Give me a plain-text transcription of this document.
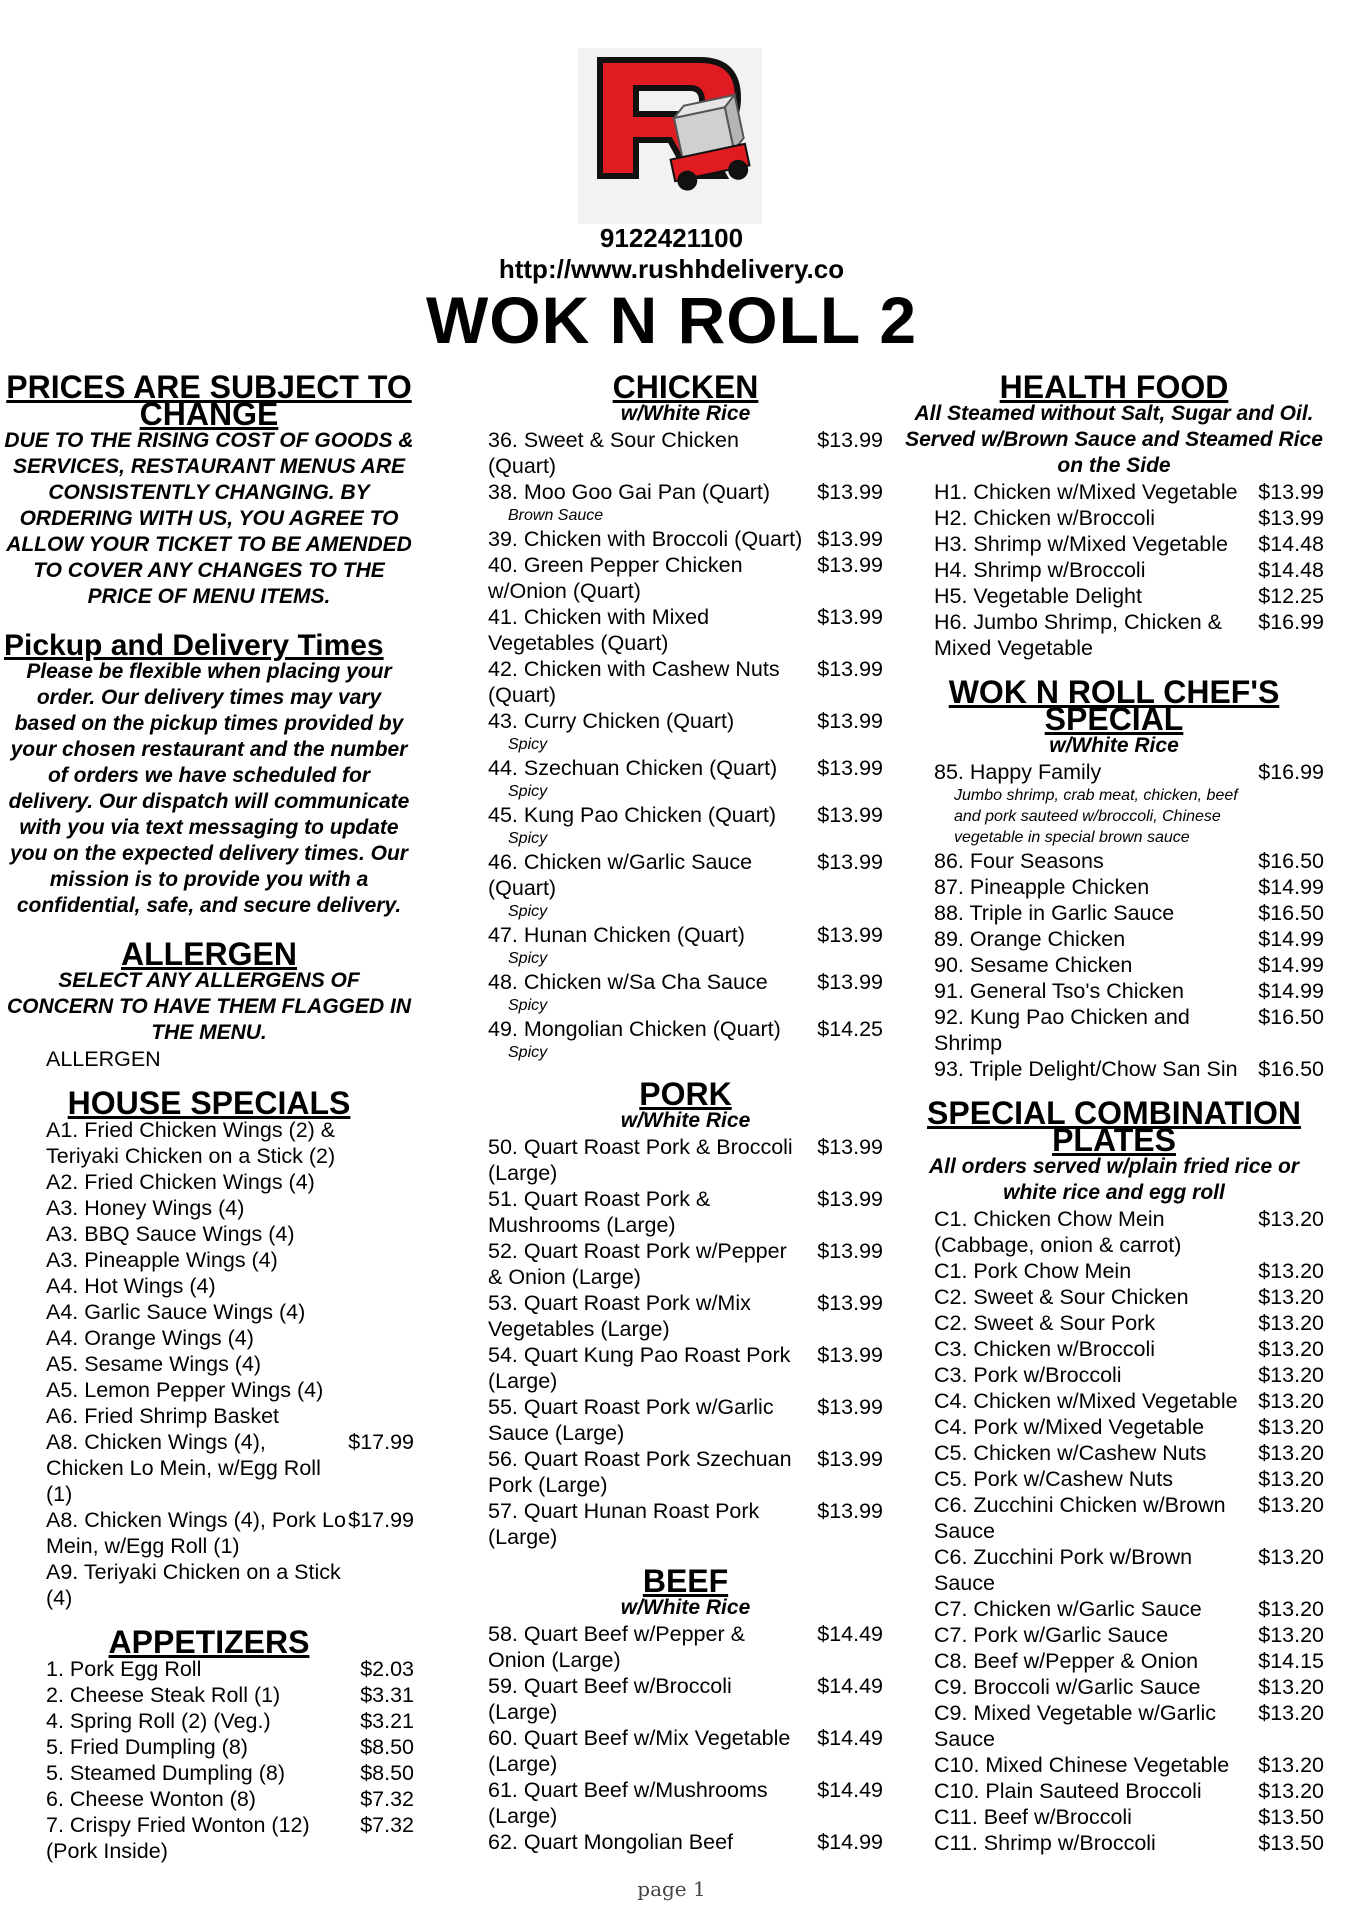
9122421100
http://www.rushhdelivery.co
WOK N ROLL 2
PRICES ARE SUBJECT TO CHANGE
DUE TO THE RISING COST OF GOODS & SERVICES, RESTAURANT MENUS ARE CONSISTENTLY CHANGING. BY ORDERING WITH US, YOU AGREE TO ALLOW YOUR TICKET TO BE AMENDED TO COVER ANY CHANGES TO THE PRICE OF MENU ITEMS.
Pickup and Delivery Times
Please be flexible when placing your order. Our delivery times may vary based on the pickup times provided by your chosen restaurant and the number of orders we have scheduled for delivery. Our dispatch will communicate with you via text messaging to update you on the expected delivery times. Our mission is to provide you with a confidential, safe, and secure delivery.
ALLERGEN
SELECT ANY ALLERGENS OF CONCERN TO HAVE THEM FLAGGED IN THE MENU.
ALLERGEN
HOUSE SPECIALS
A1. Fried Chicken Wings (2) & Teriyaki Chicken on a Stick (2)
A2. Fried Chicken Wings (4)
A3. Honey Wings (4)
A3. BBQ Sauce Wings (4)
A3. Pineapple Wings (4)
A4. Hot Wings (4)
A4. Garlic Sauce Wings (4)
A4. Orange Wings (4)
A5. Sesame Wings (4)
A5. Lemon Pepper Wings (4)
A6. Fried Shrimp Basket
A8. Chicken Wings (4), Chicken Lo Mein, w/Egg Roll (1)
$17.99
A8. Chicken Wings (4), Pork Lo Mein, w/Egg Roll (1)
$17.99
A9. Teriyaki Chicken on a Stick (4)
APPETIZERS
1. Pork Egg Roll	$2.03
2. Cheese Steak Roll (1)	$3.31
4. Spring Roll (2) (Veg.)	$3.21
5. Fried Dumpling (8)	$8.50
5. Steamed Dumpling (8)	$8.50
6. Cheese Wonton (8)	$7.32
7. Crispy Fried Wonton (12) (Pork Inside)
$7.32
CHICKEN
w/White Rice
36. Sweet & Sour Chicken (Quart)
$13.99
38. Moo Goo Gai Pan (Quart)	$13.99
Brown Sauce
39. Chicken with Broccoli (Quart) $13.99
40. Green Pepper Chicken w/Onion (Quart)
$13.99
41. Chicken with Mixed Vegetables (Quart)
$13.99
42. Chicken with Cashew Nuts (Quart)
$13.99
43. Curry Chicken (Quart)	$13.99
Spicy
44. Szechuan Chicken (Quart)	$13.99
Spicy
45. Kung Pao Chicken (Quart)	$13.99
Spicy
46. Chicken w/Garlic Sauce (Quart)
$13.99
Spicy
47. Hunan Chicken (Quart)	$13.99
Spicy
48. Chicken w/Sa Cha Sauce	$13.99
Spicy
49. Mongolian Chicken (Quart)	$14.25
Spicy
PORK
w/White Rice
50. Quart Roast Pork & Broccoli (Large)
$13.99
51. Quart Roast Pork & Mushrooms (Large)
$13.99
52. Quart Roast Pork w/Pepper & Onion (Large)
$13.99
53. Quart Roast Pork w/Mix Vegetables (Large)
$13.99
54. Quart Kung Pao Roast Pork (Large)
$13.99
55. Quart Roast Pork w/Garlic Sauce (Large)
$13.99
56. Quart Roast Pork Szechuan Pork (Large)
$13.99
57. Quart Hunan Roast Pork (Large)
$13.99
BEEF
w/White Rice
58. Quart Beef w/Pepper & Onion (Large)
$14.49
59. Quart Beef w/Broccoli (Large)
$14.49
60. Quart Beef w/Mix Vegetable (Large)
$14.49
61. Quart Beef w/Mushrooms (Large)
$14.49
62. Quart Mongolian Beef	$14.99
HEALTH FOOD
All Steamed without Salt, Sugar and Oil. Served w/Brown Sauce and Steamed Rice on the Side
H1. Chicken w/Mixed Vegetable $13.99
H2. Chicken w/Broccoli	$13.99
H3. Shrimp w/Mixed Vegetable	$14.48
H4. Shrimp w/Broccoli	$14.48
H5. Vegetable Delight	$12.25
H6. Jumbo Shrimp, Chicken & Mixed Vegetable
$16.99
WOK N ROLL CHEF'S SPECIAL
w/White Rice
85. Happy Family	$16.99
Jumbo shrimp, crab meat, chicken, beef and pork sauteed w/broccoli, Chinese vegetable in special brown sauce
86. Four Seasons	$16.50
87. Pineapple Chicken	$14.99
88. Triple in Garlic Sauce	$16.50
89. Orange Chicken	$14.99
90. Sesame Chicken	$14.99
91. General Tso's Chicken	$14.99
92. Kung Pao Chicken and Shrimp
$16.50
93. Triple Delight/Chow San Sin $16.50
SPECIAL COMBINATION PLATES
All orders served w/plain fried rice or white rice and egg roll
C1. Chicken Chow Mein (Cabbage, onion & carrot)
$13.20
C1. Pork Chow Mein	$13.20
C2. Sweet & Sour Chicken	$13.20
C2. Sweet & Sour Pork	$13.20
C3. Chicken w/Broccoli	$13.20
C3. Pork w/Broccoli	$13.20
C4. Chicken w/Mixed Vegetable $13.20
C4. Pork w/Mixed Vegetable	$13.20
C5. Chicken w/Cashew Nuts	$13.20
C5. Pork w/Cashew Nuts	$13.20
C6. Zucchini Chicken w/Brown Sauce
$13.20
C6. Zucchini Pork w/Brown Sauce
$13.20
C7. Chicken w/Garlic Sauce	$13.20
C7. Pork w/Garlic Sauce	$13.20
C8. Beef w/Pepper & Onion	$14.15
C9. Broccoli w/Garlic Sauce	$13.20
C9. Mixed Vegetable w/Garlic Sauce
$13.20
C10. Mixed Chinese Vegetable	$13.20
C10. Plain Sauteed Broccoli	$13.20
C11. Beef w/Broccoli	$13.50
C11. Shrimp w/Broccoli	$13.50
page 1
